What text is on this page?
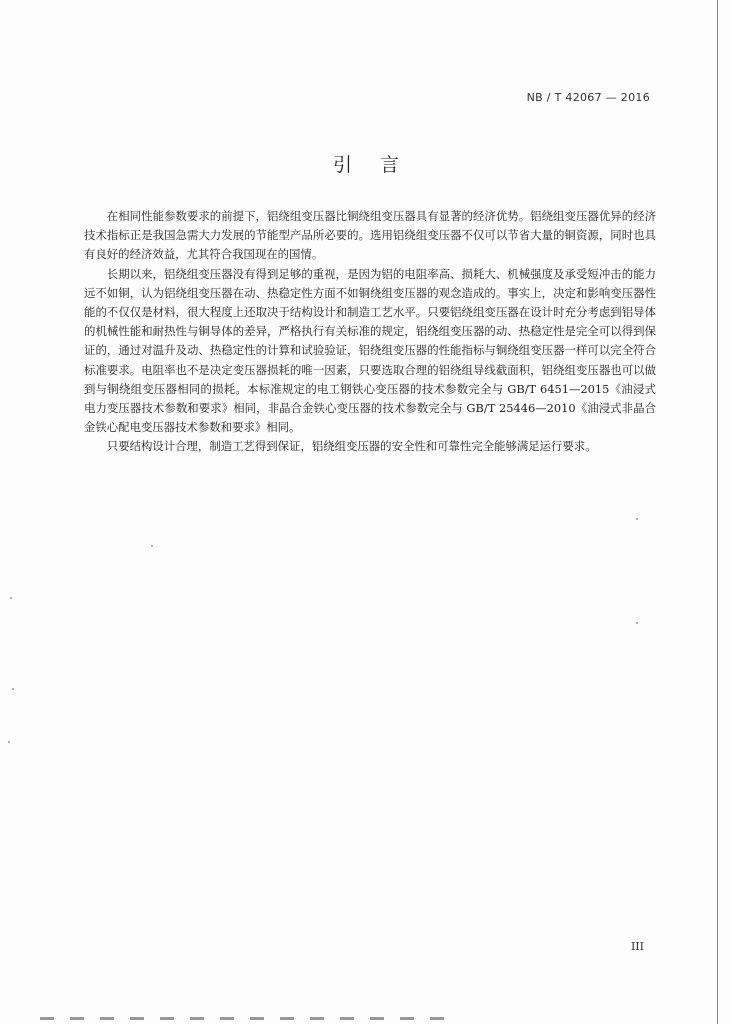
NB / T 42067 — 2016
引言

在相同性能参数要求的前提下，铝绕组变压器比铜绕组变压器具有显著的经济优势。铝绕组变压器优异的经济技术指标正是我国急需大力发展的节能型产品所必要的。选用铝绕组变压器不仅可以节省大量的铜资源，同时也具有良好的经济效益，尤其符合我国现在的国情。

长期以来，铝绕组变压器没有得到足够的重视，是因为铝的电阻率高、损耗大、机械强度及承受短冲击的能力远不如铜，认为铝绕组变压器在动、热稳定性方面不如铜绕组变压器的观念造成的。事实上，决定和影响变压器性能的不仅仅是材料，很大程度上还取决于结构设计和制造工艺水平。只要铝绕组变压器在设计时充分考虑到铝导体的机械性能和耐热性与铜导体的差异，严格执行有关标准的规定，铝绕组变压器的动、热稳定性是完全可以得到保证的，通过对温升及动、热稳定性的计算和试验验证，铝绕组变压器的性能指标与铜绕组变压器一样可以完全符合标准要求。电阻率也不是决定变压器损耗的唯一因素，只要选取合理的铝绕组导线截面积，铝绕组变压器也可以做到与铜绕组变压器相同的损耗。本标准规定的电工钢铁心变压器的技术参数完全与 GB/T 6451—2015《油浸式电力变压器技术参数和要求》相同，非晶合金铁心变压器的技术参数完全与 GB/T 25446—2010《油浸式非晶合金铁心配电变压器技术参数和要求》相同。

只要结构设计合理，制造工艺得到保证，铝绕组变压器的安全性和可靠性完全能够满足运行要求。

III
